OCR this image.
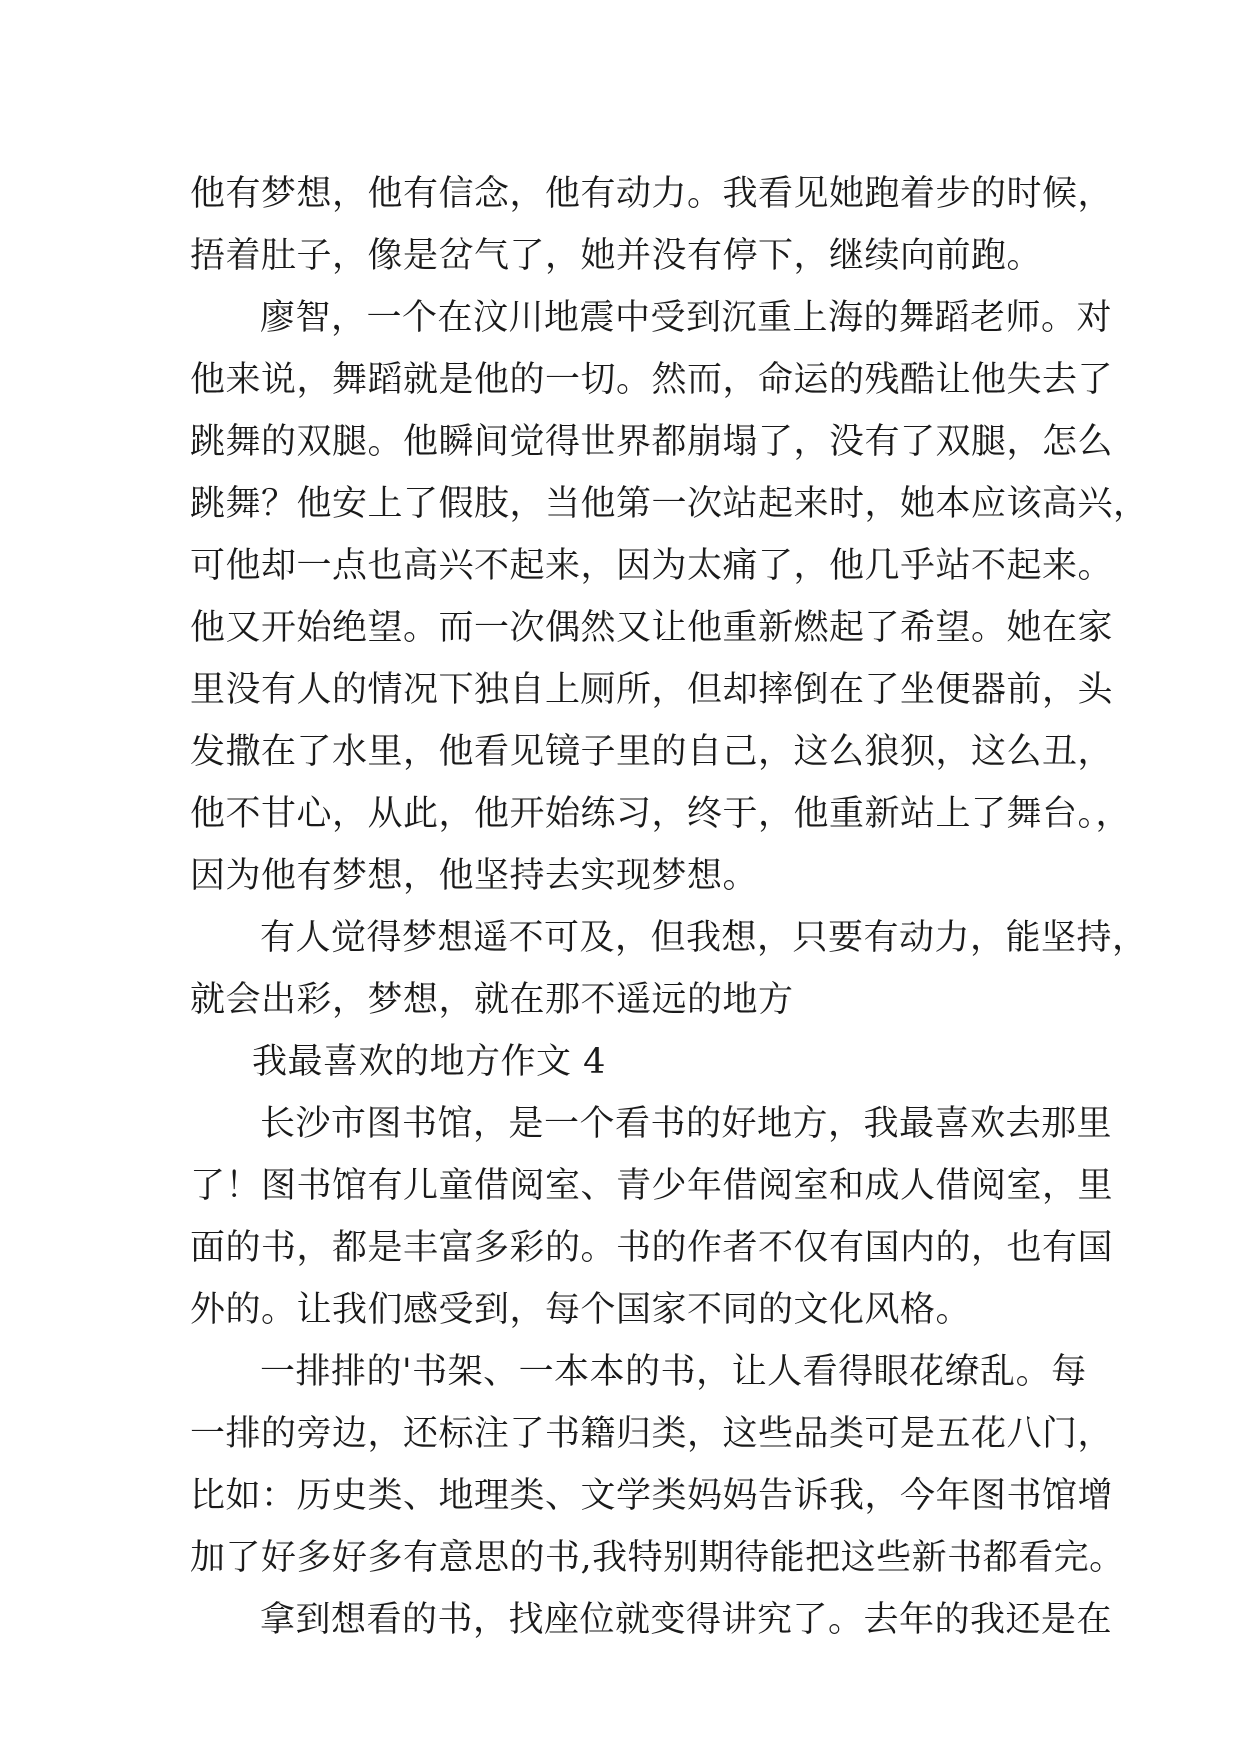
他有梦想，他有信念，他有动力。我看见她跑着步的时候，
捂着肚子，像是岔气了，她并没有停下，继续向前跑。
廖智，一个在汶川地震中受到沉重上海的舞蹈老师。对
他来说，舞蹈就是他的一切。然而，命运的残酷让他失去了
跳舞的双腿。他瞬间觉得世界都崩塌了，没有了双腿，怎么
跳舞？他安上了假肢，当他第一次站起来时，她本应该高兴，
可他却一点也高兴不起来，因为太痛了，他几乎站不起来。
他又开始绝望。而一次偶然又让他重新燃起了希望。她在家
里没有人的情况下独自上厕所，但却摔倒在了坐便器前，头
发撒在了水里，他看见镜子里的自己，这么狼狈，这么丑，
他不甘心，从此，他开始练习，终于，他重新站上了舞台。，
因为他有梦想，他坚持去实现梦想。
有人觉得梦想遥不可及，但我想，只要有动力，能坚持，
就会出彩，梦想，就在那不遥远的地方
我最喜欢的地方作文 4
长沙市图书馆，是一个看书的好地方，我最喜欢去那里
了！图书馆有儿童借阅室、青少年借阅室和成人借阅室，里
面的书，都是丰富多彩的。书的作者不仅有国内的，也有国
外的。让我们感受到，每个国家不同的文化风格。
一排排的'书架、一本本的书，让人看得眼花缭乱。每
一排的旁边，还标注了书籍归类，这些品类可是五花八门，
比如：历史类、地理类、文学类妈妈告诉我，今年图书馆增
加了好多好多有意思的书,我特别期待能把这些新书都看完。
拿到想看的书，找座位就变得讲究了。去年的我还是在
